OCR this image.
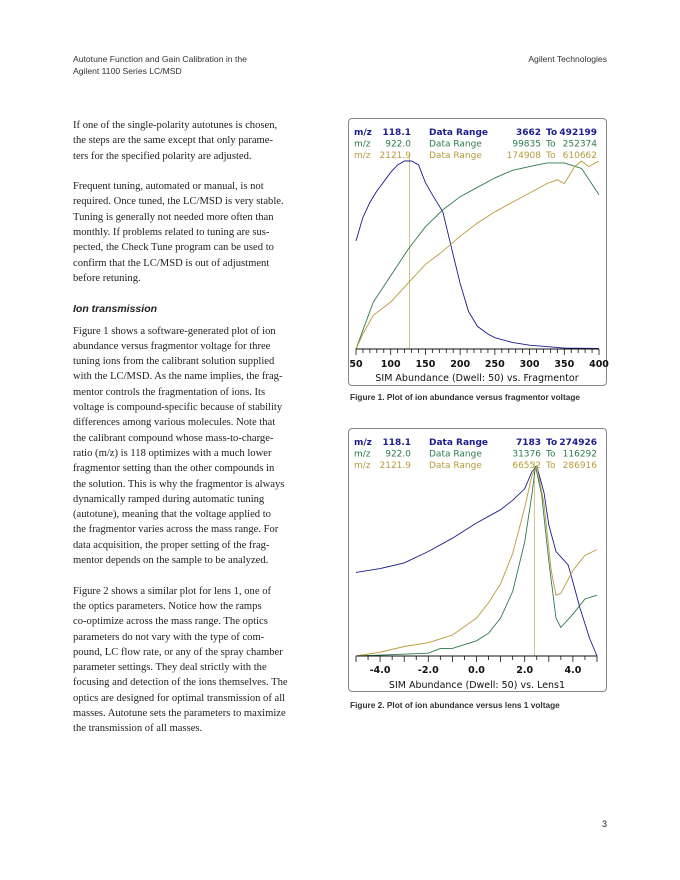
Autotune Function and Gain Calibration in the
Agilent 1100 Series LC/MSD
Agilent Technologies

If one of the single-polarity autotunes is chosen,
the steps are the same except that only parame-
ters for the specified polarity are adjusted.

Frequent tuning, automated or manual, is not
required. Once tuned, the LC/MSD is very stable.
Tuning is generally not needed more often than
monthly. If problems related to tuning are sus-
pected, the Check Tune program can be used to
confirm that the LC/MSD is out of adjustment
before retuning.

Ion transmission

Figure 1 shows a software-generated plot of ion
abundance versus fragmentor voltage for three
tuning ions from the calibrant solution supplied
with the LC/MSD. As the name implies, the frag-
mentor controls the fragmentation of ions. Its
voltage is compound-specific because of stability
differences among various molecules. Note that
the calibrant compound whose mass-to-charge-
ratio (m/z) is 118 optimizes with a much lower
fragmentor setting than the other compounds in
the solution. This is why the fragmentor is always
dynamically ramped during automatic tuning
(autotune), meaning that the voltage applied to
the fragmentor varies across the mass range. For
data acquisition, the proper setting of the frag-
mentor depends on the sample to be analyzed.

Figure 2 shows a similar plot for lens 1, one of
the optics parameters. Notice how the ramps
co-optimize across the mass range. The optics
parameters do not vary with the type of com-
pound, LC flow rate, or any of the spray chamber
parameter settings. They deal strictly with the
focusing and detection of the ions themselves. The
optics are designed for optimal transmission of all
masses. Autotune sets the parameters to maximize
the transmission of all masses.

m/z 118.1 Data Range	3662 To 492199
m/z 922.0 Data Range	99835 To 252374
m/z 2121.9 Data Range	174908 To 610662
50 100 150 200 250 300 350 400
SIM Abundance (Dwell: 50) vs. Fragmentor
Figure 1. Plot of ion abundance versus fragmentor voltage
m/z 118.1 Data Range	7183 To 274926
m/z 922.0 Data Range	31376 To 116292
m/z 2121.9 Data Range	66552 To 286916
-4.0	-2.0	0.0	2.0	4.0
SIM Abundance (Dwell: 50) vs. Lens1
Figure 2. Plot of ion abundance versus lens 1 voltage
3
